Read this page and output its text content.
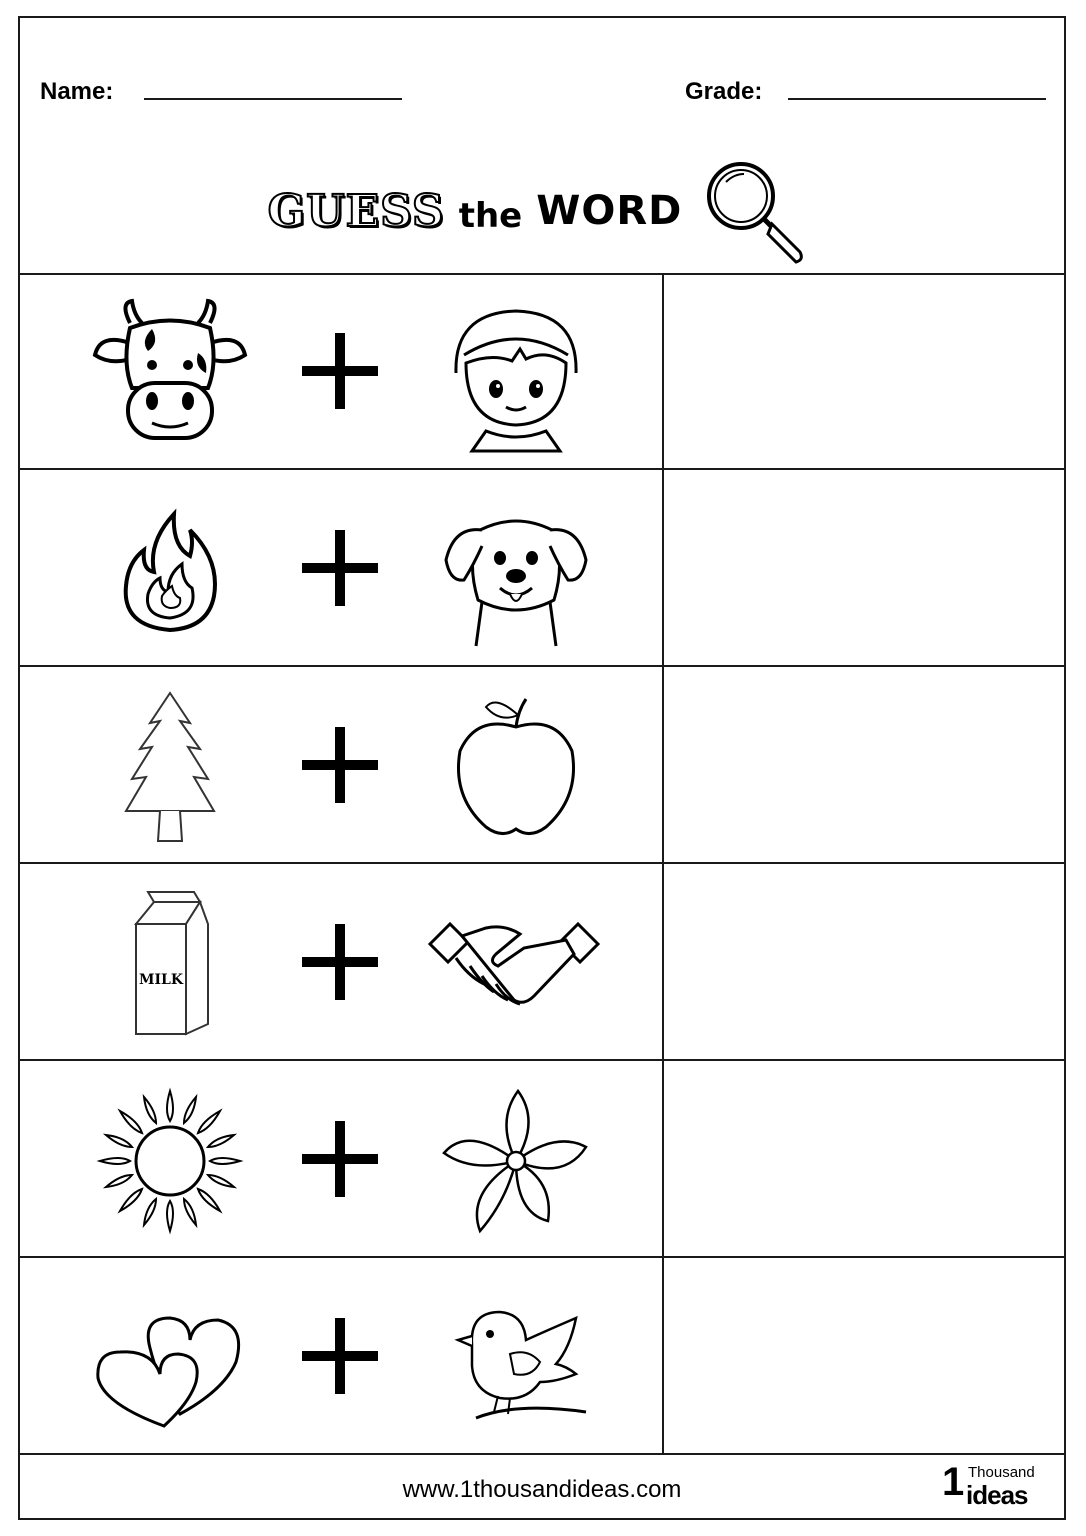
Name:	Grade:
GUESS the WORD
MILK
www.1thousandideas.com	1 Thousand
ideas
